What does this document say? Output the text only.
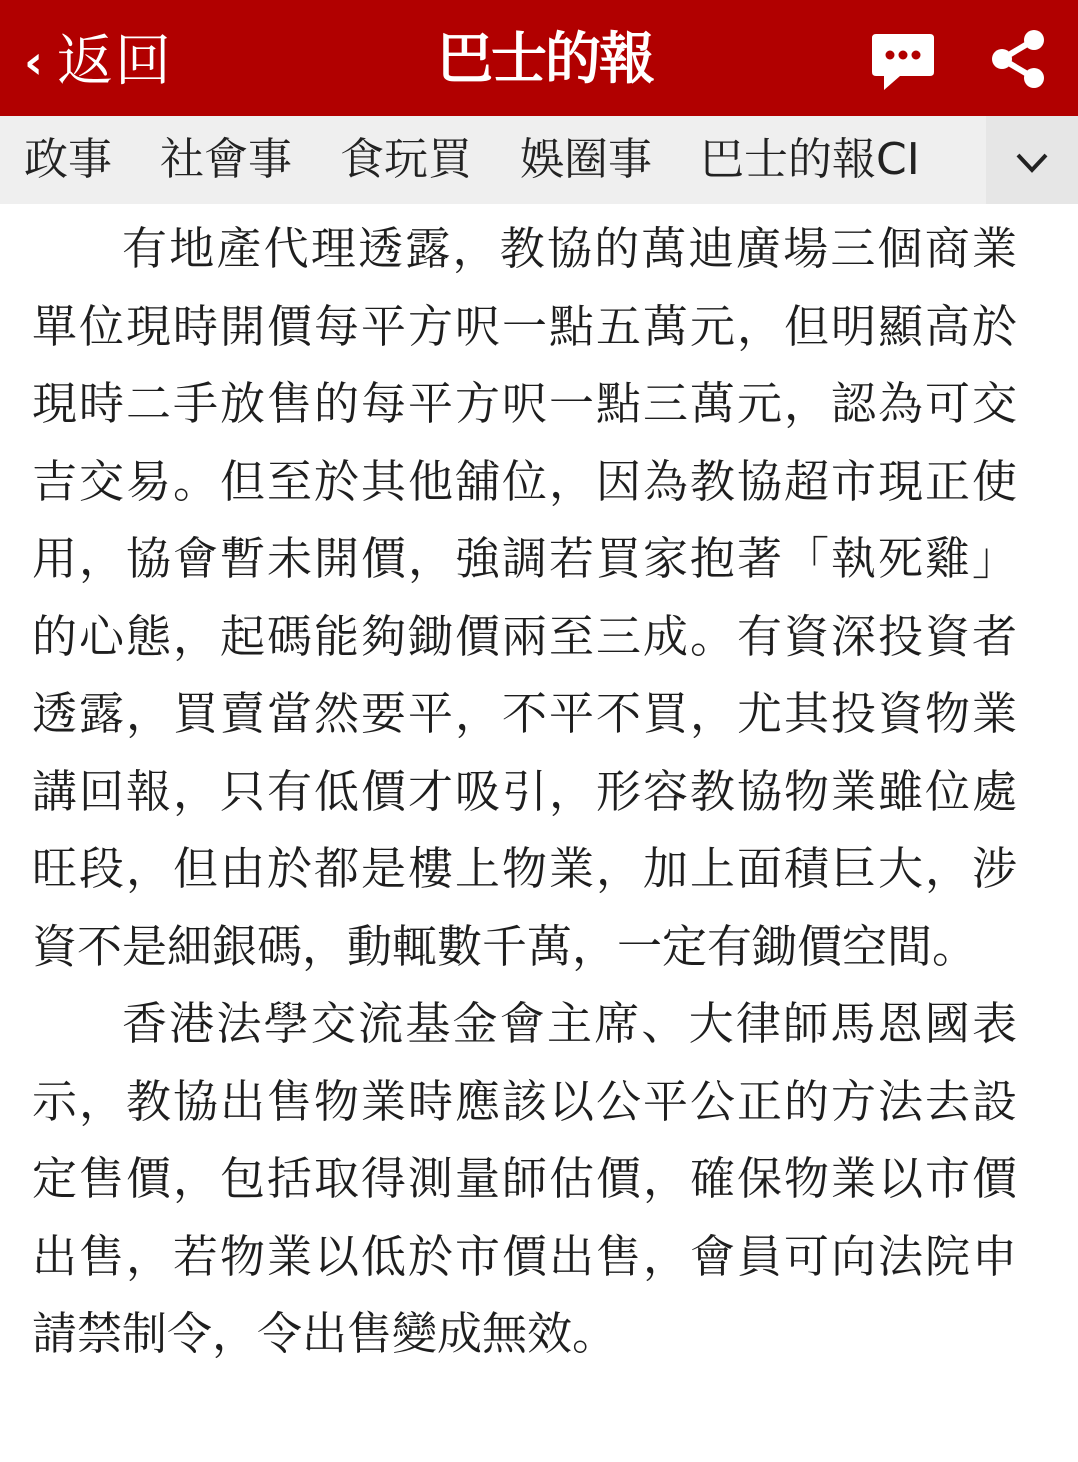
‹ 返回	巴士的報
政事 社會事 食玩買 娛圈事 巴士的報CI

有地產代理透露，教協的萬迪廣場三個商業單位現時開價每平方呎一點五萬元，但明顯高於現時二手放售的每平方呎一點三萬元，認為可交吉交易。但至於其他舖位，因為教協超市現正使用，協會暫未開價，強調若買家抱著「執死雞」的心態，起碼能夠鋤價兩至三成。有資深投資者透露，買賣當然要平，不平不買，尤其投資物業講回報，只有低價才吸引，形容教協物業雖位處旺段，但由於都是樓上物業，加上面積巨大，涉資不是細銀碼，動輒數千萬，一定有鋤價空間。

香港法學交流基金會主席、大律師馬恩國表示，教協出售物業時應該以公平公正的方法去設定售價，包括取得測量師估價，確保物業以市價出售，若物業以低於市價出售，會員可向法院申請禁制令，令出售變成無效。
